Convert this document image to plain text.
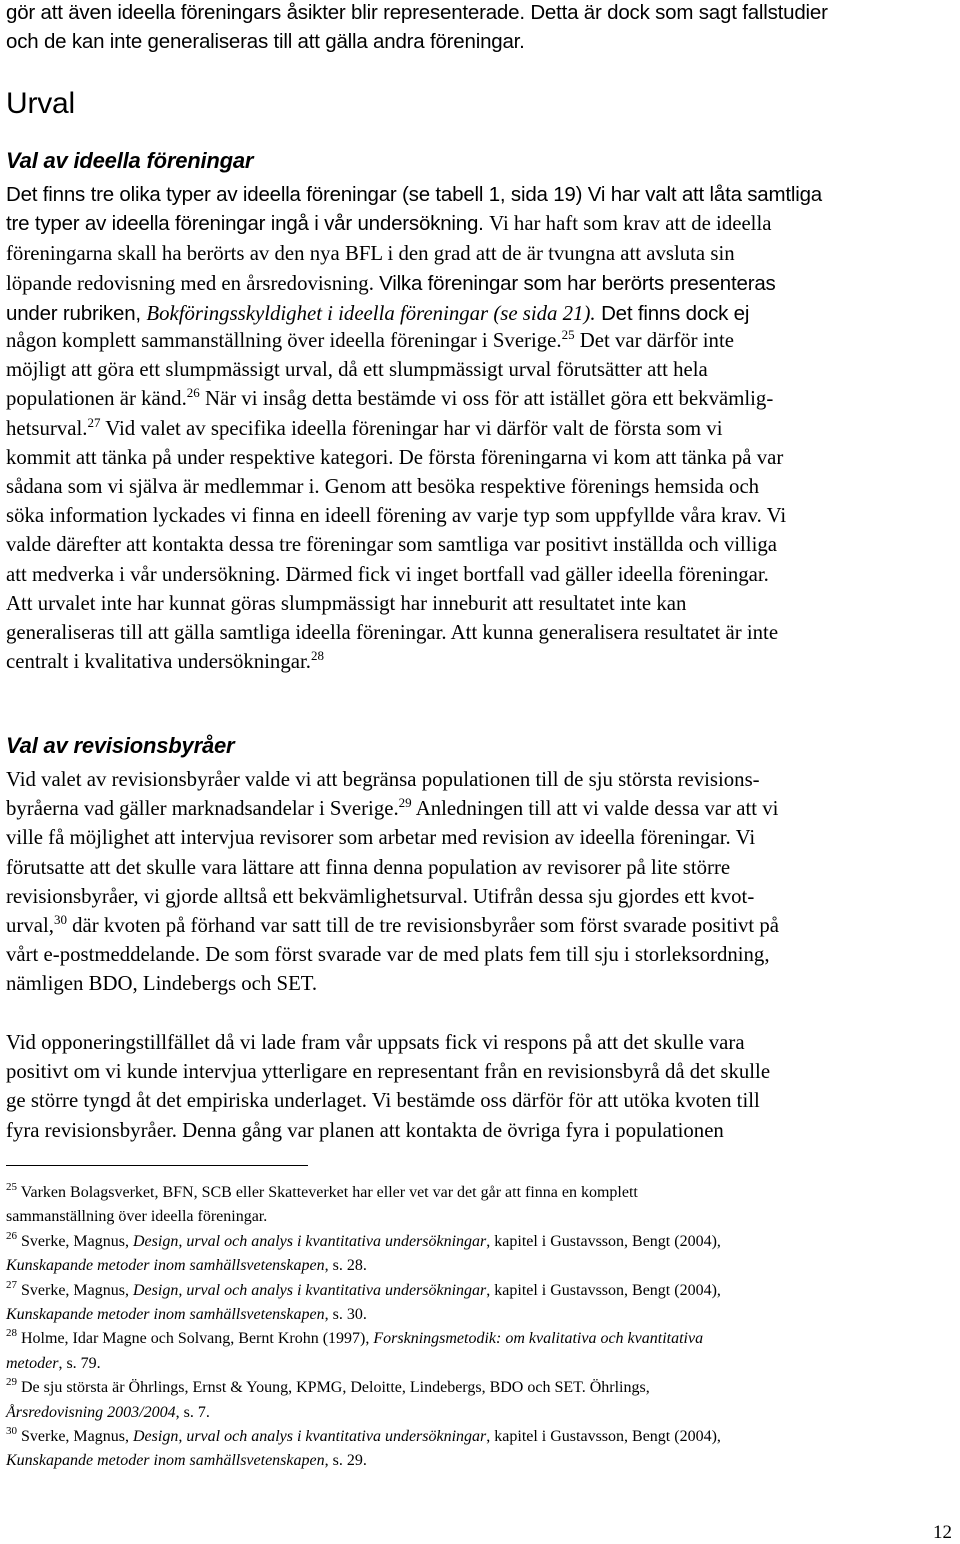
gör att även ideella föreningars åsikter blir representerade. Detta är dock som sagt fallstudier
och de kan inte generaliseras till att gälla andra föreningar.
Urval
Val av ideella föreningar
Det finns tre olika typer av ideella föreningar (se tabell 1, sida 19) Vi har valt att låta samtliga
tre typer av ideella föreningar ingå i vår undersökning. Vi har haft som krav att de ideella
föreningarna skall ha berörts av den nya BFL i den grad att de är tvungna att avsluta sin
löpande redovisning med en årsredovisning. Vilka föreningar som har berörts presenteras
under rubriken, Bokföringsskyldighet i ideella föreningar (se sida 21). Det finns dock ej
någon komplett sammanställning över ideella föreningar i Sverige.$^{25}$ Det var därför inte
möjligt att göra ett slumpmässigt urval, då ett slumpmässigt urval förutsätter att hela
populationen är känd.$^{26}$ När vi insåg detta bestämde vi oss för att istället göra ett bekvämlig-
hetsurval.$^{27}$ Vid valet av specifika ideella föreningar har vi därför valt de första som vi
kommit att tänka på under respektive kategori. De första föreningarna vi kom att tänka på var
sådana som vi själva är medlemmar i. Genom att besöka respektive förenings hemsida och
söka information lyckades vi finna en ideell förening av varje typ som uppfyllde våra krav. Vi
valde därefter att kontakta dessa tre föreningar som samtliga var positivt inställda och villiga
att medverka i vår undersökning. Därmed fick vi inget bortfall vad gäller ideella föreningar.
Att urvalet inte har kunnat göras slumpmässigt har inneburit att resultatet inte kan
generaliseras till att gälla samtliga ideella föreningar. Att kunna generalisera resultatet är inte
centralt i kvalitativa undersökningar.$^{28}$
Val av revisionsbyråer
Vid valet av revisionsbyråer valde vi att begränsa populationen till de sju största revisions-
byråerna vad gäller marknadsandelar i Sverige.$^{29}$ Anledningen till att vi valde dessa var att vi
ville få möjlighet att intervjua revisorer som arbetar med revision av ideella föreningar. Vi
förutsatte att det skulle vara lättare att finna denna population av revisorer på lite större
revisionsbyråer, vi gjorde alltså ett bekvämlighetsurval. Utifrån dessa sju gjordes ett kvot-
urval,$^{30}$ där kvoten på förhand var satt till de tre revisionsbyråer som först svarade positivt på
vårt e-postmeddelande. De som först svarade var de med plats fem till sju i storleksordning,
nämligen BDO, Lindebergs och SET.
Vid opponeringstillfället då vi lade fram vår uppsats fick vi respons på att det skulle vara
positivt om vi kunde intervjua ytterligare en representant från en revisionsbyrå då det skulle
ge större tyngd åt det empiriska underlaget. Vi bestämde oss därför för att utöka kvoten till
fyra revisionsbyråer. Denna gång var planen att kontakta de övriga fyra i populationen
$^{25}$ Varken Bolagsverket, BFN, SCB eller Skatteverket har eller vet var det går att finna en komplett
sammanställning över ideella föreningar.
$^{26}$ Sverke, Magnus, Design, urval och analys i kvantitativa undersökningar, kapitel i Gustavsson, Bengt (2004),
Kunskapande metoder inom samhällsvetenskapen, s. 28.
$^{27}$ Sverke, Magnus, Design, urval och analys i kvantitativa undersökningar, kapitel i Gustavsson, Bengt (2004),
Kunskapande metoder inom samhällsvetenskapen, s. 30.
$^{28}$ Holme, Idar Magne och Solvang, Bernt Krohn (1997), Forskningsmetodik: om kvalitativa och kvantitativa
metoder, s. 79.
$^{29}$ De sju största är Öhrlings, Ernst & Young, KPMG, Deloitte, Lindebergs, BDO och SET. Öhrlings,
Årsredovisning 2003/2004, s. 7.
$^{30}$ Sverke, Magnus, Design, urval och analys i kvantitativa undersökningar, kapitel i Gustavsson, Bengt (2004),
Kunskapande metoder inom samhällsvetenskapen, s. 29.
12
